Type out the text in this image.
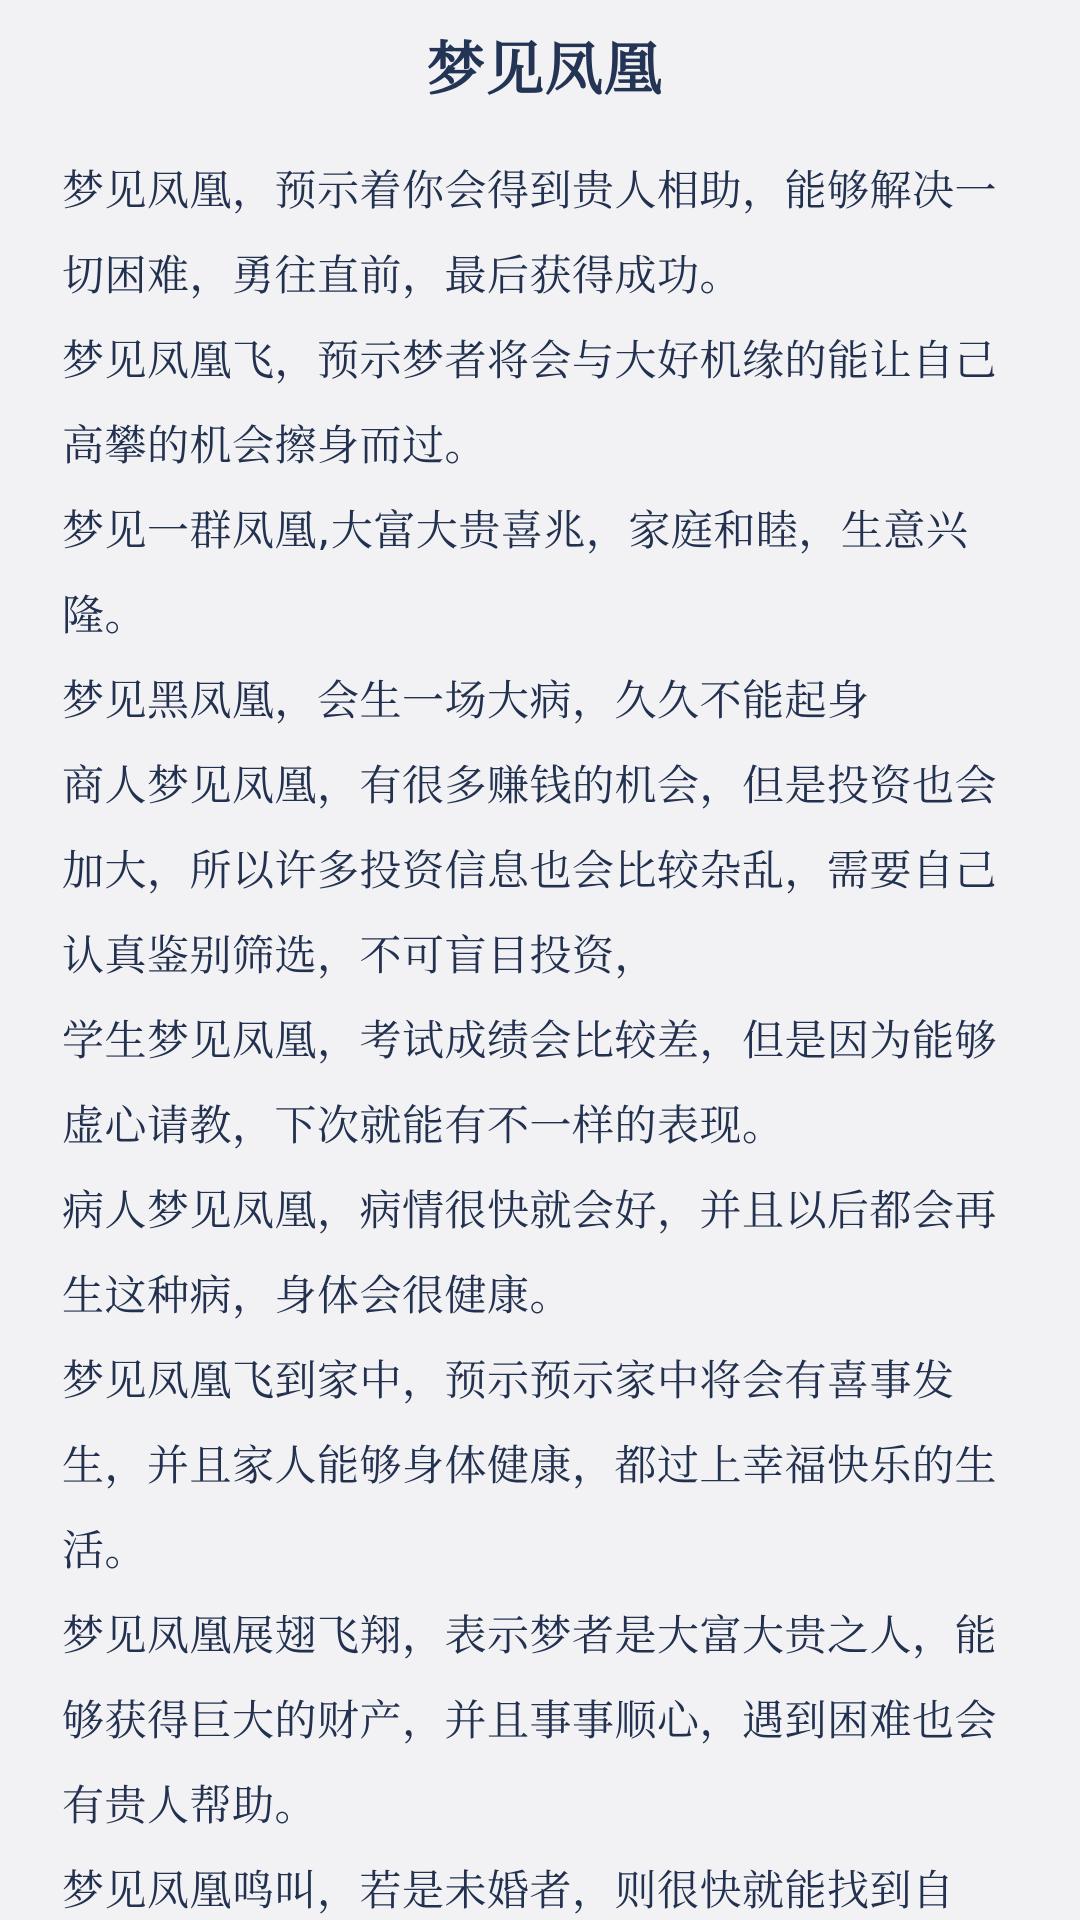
梦见凤凰

梦见凤凰，预示着你会得到贵人相助，能够解决一切困难，勇往直前，最后获得成功。

梦见凤凰飞，预示梦者将会与大好机缘的能让自己高攀的机会擦身而过。

梦见一群凤凰,大富大贵喜兆，家庭和睦，生意兴隆。

梦见黑凤凰，会生一场大病，久久不能起身

商人梦见凤凰，有很多赚钱的机会，但是投资也会加大，所以许多投资信息也会比较杂乱，需要自己认真鉴别筛选，不可盲目投资，

学生梦见凤凰，考试成绩会比较差，但是因为能够虚心请教，下次就能有不一样的表现。

病人梦见凤凰，病情很快就会好，并且以后都会再生这种病，身体会很健康。

梦见凤凰飞到家中，预示预示家中将会有喜事发生，并且家人能够身体健康，都过上幸福快乐的生活。

梦见凤凰展翅飞翔，表示梦者是大富大贵之人，能够获得巨大的财产，并且事事顺心，遇到困难也会有贵人帮助。

梦见凤凰鸣叫，若是未婚者，则很快就能找到自
